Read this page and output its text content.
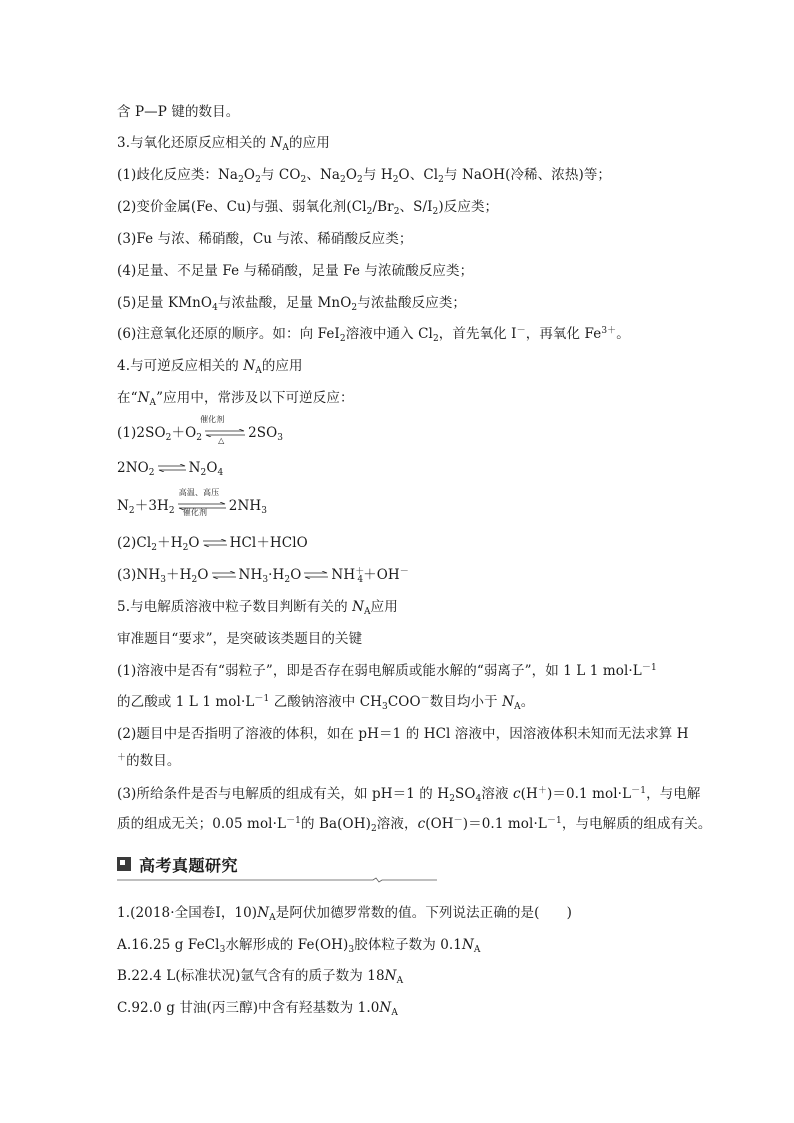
含 P—P 键的数目。
3.与氧化还原反应相关的 $N_A$的应用
(1)歧化反应类：$Na_2O_2$与 $CO_2$、$Na_2O_2$与 $H_2O$、$Cl_2$与 NaOH(冷稀、浓热)等；
(2)变价金属(Fe、Cu)与强、弱氧化剂($Cl_2/Br_2$、$S/I_2$)反应类；
(3)Fe 与浓、稀硝酸，Cu 与浓、稀硝酸反应类；
(4)足量、不足量 Fe 与稀硝酸，足量 Fe 与浓硫酸反应类；
(5)足量 KMnO$_4$与浓盐酸，足量 MnO$_2$与浓盐酸反应类；
(6)注意氧化还原的顺序。如：向 FeI$_2$溶液中通入 $Cl_2$，首先氧化 I－，再氧化 $Fe^{3+}$。
4.与可逆反应相关的 $N_A$的应用
在“$N_A$”应用中，常涉及以下可逆反应：
$(1)2SO_2+O_2$
催化剂
△ $2SO_3$
$2NO_2$ ⇌ $N_2O_4$
$N_2+3H_2$
高温、高压
催化剂 $2NH_3$
$(2)Cl_2+H_2O$ ⇌ HCl＋HClO
$(3)NH_3+H_2O$ ⇌ $NH_3\cdot H_2O$ ⇌ $NH^+_4+OH^-$
5.与电解质溶液中粒子数目判断有关的 $N_A$应用
审准题目“要求”，是突破该类题目的关键
(1)溶液中是否有“弱粒子”，即是否存在弱电解质或能水解的“弱离子”，如 1 L 1 $mol\cdot L^{-1}$
的乙酸或 1 L 1 $mol\cdot L^{-1}$ 乙酸钠溶液中 $CH_3COO^-$数目均小于 $N_A$。
(2)题目中是否指明了溶液的体积，如在 pH＝1 的 HCl 溶液中，因溶液体积未知而无法求算 H
＋的数目。
(3)所给条件是否与电解质的组成有关，如 pH＝1 的 $H_2SO_4$溶液 c(H＋)＝0.1 $mol\cdot L^{-1}$，与电解
质的组成无关；0.05 $mol\cdot L^{-1}$的 $Ba(OH)_2$溶液，c(OH－)＝0.1 $mol\cdot L^{-1}$，与电解质的组成有关。
高考真题研究
1.(2018·全国卷Ⅰ，$10)N_A$是阿伏加德罗常数的值。下列说法正确的是(　　)
A.16.25 g FeCl$_3$水解形成的 $Fe(OH)_3$胶体粒子数为 $0.1N_A$
B.22.4 L(标准状况)氩气含有的质子数为 $18N_A$
C.92.0 g 甘油(丙三醇)中含有羟基数为 $1.0N_A$
